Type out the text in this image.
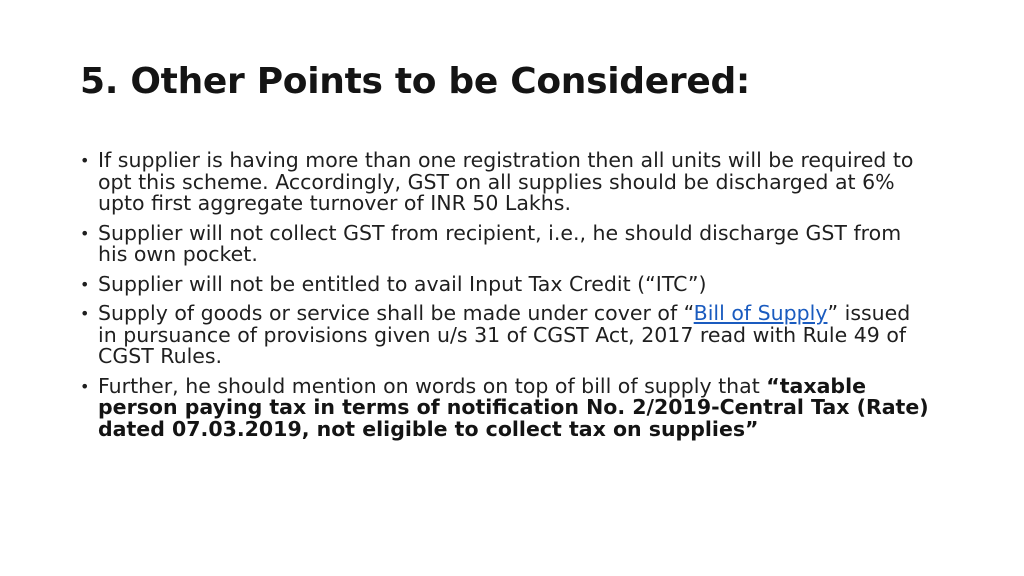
5. Other Points to be Considered:
• If supplier is having more than one registration then all units will be required to opt this scheme. Accordingly, GST on all supplies should be discharged at 6% upto first aggregate turnover of INR 50 Lakhs.
• Supplier will not collect GST from recipient, i.e., he should discharge GST from his own pocket.
• Supplier will not be entitled to avail Input Tax Credit (“ITC”)
• Supply of goods or service shall be made under cover of “Bill of Supply” issued in pursuance of provisions given u/s 31 of CGST Act, 2017 read with Rule 49 of CGST Rules.
• Further, he should mention on words on top of bill of supply that “taxable person paying tax in terms of notification No. 2/2019-Central Tax (Rate) dated 07.03.2019, not eligible to collect tax on supplies”
